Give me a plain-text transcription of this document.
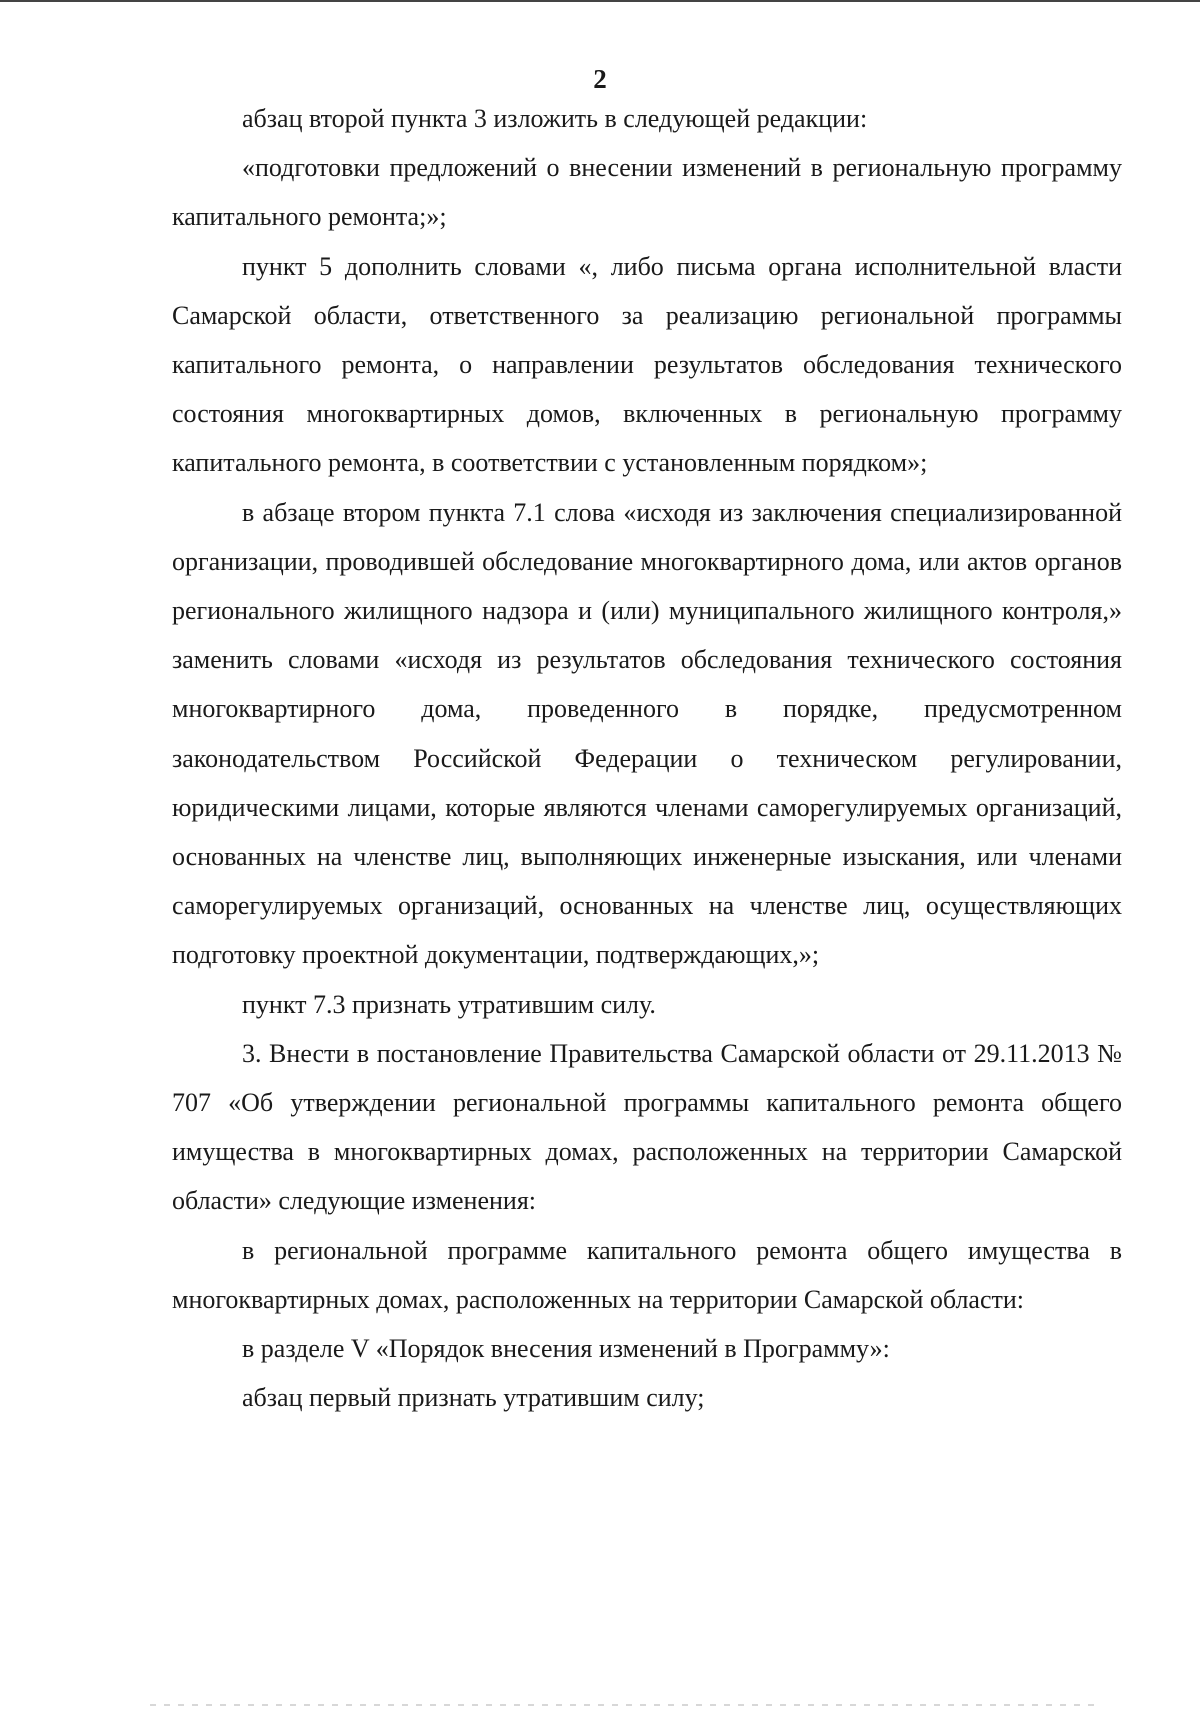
2

абзац второй пункта 3 изложить в следующей редакции:

«подготовки предложений о внесении изменений в региональную программу капитального ремонта;»;

пункт 5 дополнить словами «, либо письма органа исполнительной власти Самарской области, ответственного за реализацию региональной программы капитального ремонта, о направлении результатов обследования технического состояния многоквартирных домов, включенных в региональную программу капитального ремонта, в соответствии с установленным порядком»;

в абзаце втором пункта 7.1 слова «исходя из заключения специализированной организации, проводившей обследование многоквартирного дома, или актов органов регионального жилищного надзора и (или) муниципального жилищного контроля,» заменить словами «исходя из результатов обследования технического состояния многоквартирного дома, проведенного в порядке, предусмотренном законодательством Российской Федерации о техническом регулировании, юридическими лицами, которые являются членами саморегулируемых организаций, основанных на членстве лиц, выполняющих инженерные изыскания, или членами саморегулируемых организаций, основанных на членстве лиц, осуществляющих подготовку проектной документации, подтверждающих,»;

пункт 7.3 признать утратившим силу.

3. Внести в постановление Правительства Самарской области от 29.11.2013 № 707 «Об утверждении региональной программы капитального ремонта общего имущества в многоквартирных домах, расположенных на территории Самарской области» следующие изменения:

в региональной программе капитального ремонта общего имущества в многоквартирных домах, расположенных на территории Самарской области:

в разделе V «Порядок внесения изменений в Программу»:

абзац первый признать утратившим силу;
